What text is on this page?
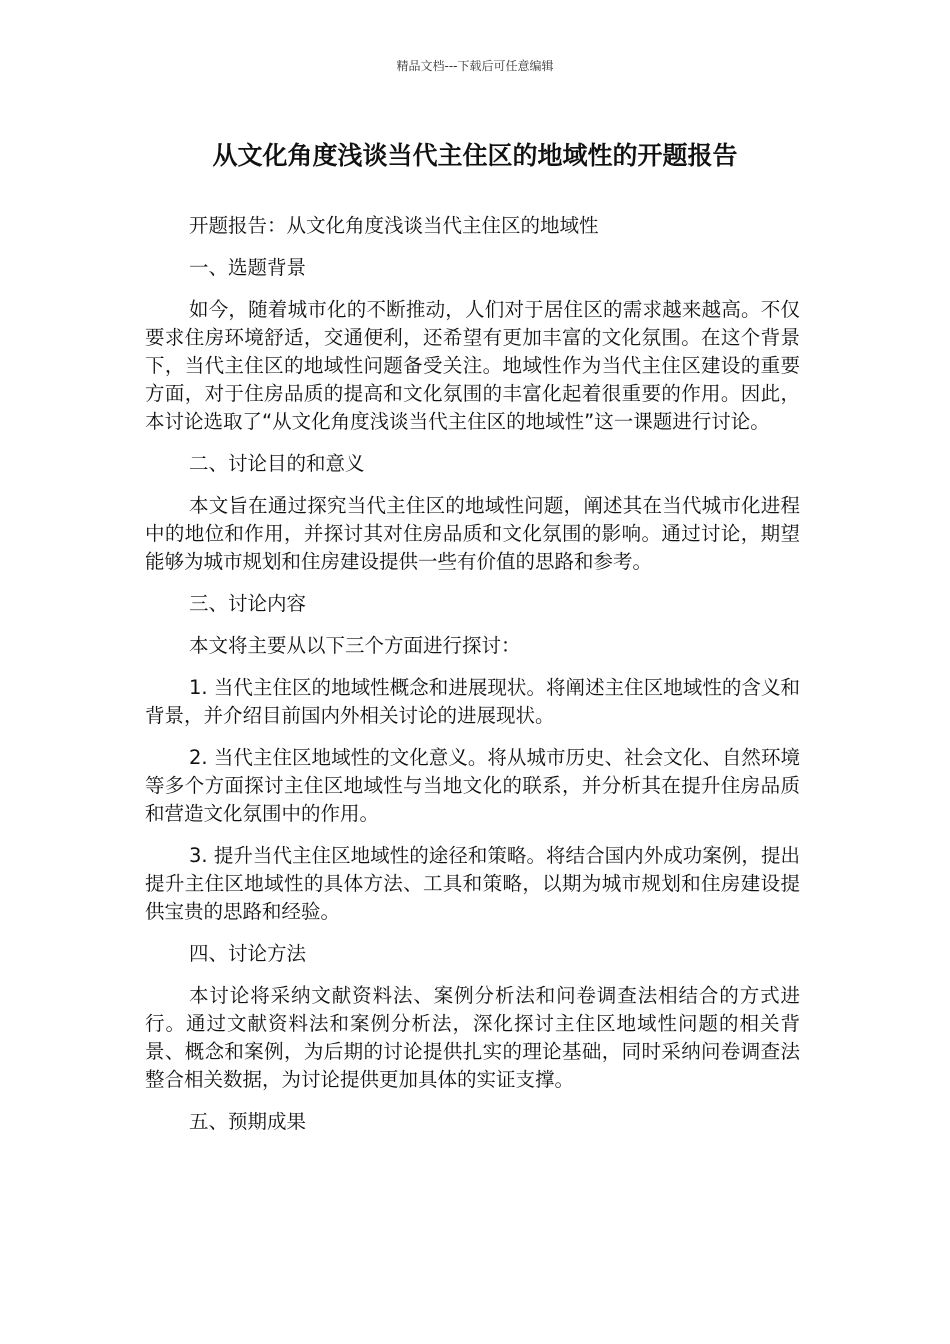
精品文档---下载后可任意编辑
从文化角度浅谈当代主住区的地域性的开题报告

开题报告：从文化角度浅谈当代主住区的地域性

一、选题背景

如今，随着城市化的不断推动，人们对于居住区的需求越来越高。不仅要求住房环境舒适，交通便利，还希望有更加丰富的文化氛围。在这个背景下，当代主住区的地域性问题备受关注。地域性作为当代主住区建设的重要方面，对于住房品质的提高和文化氛围的丰富化起着很重要的作用。因此，本讨论选取了“从文化角度浅谈当代主住区的地域性”这一课题进行讨论。

二、讨论目的和意义

本文旨在通过探究当代主住区的地域性问题，阐述其在当代城市化进程中的地位和作用，并探讨其对住房品质和文化氛围的影响。通过讨论，期望能够为城市规划和住房建设提供一些有价值的思路和参考。

三、讨论内容

本文将主要从以下三个方面进行探讨：

1. 当代主住区的地域性概念和进展现状。将阐述主住区地域性的含义和背景，并介绍目前国内外相关讨论的进展现状。

2. 当代主住区地域性的文化意义。将从城市历史、社会文化、自然环境等多个方面探讨主住区地域性与当地文化的联系，并分析其在提升住房品质和营造文化氛围中的作用。

3. 提升当代主住区地域性的途径和策略。将结合国内外成功案例，提出提升主住区地域性的具体方法、工具和策略，以期为城市规划和住房建设提供宝贵的思路和经验。

四、讨论方法

本讨论将采纳文献资料法、案例分析法和问卷调查法相结合的方式进行。通过文献资料法和案例分析法，深化探讨主住区地域性问题的相关背景、概念和案例，为后期的讨论提供扎实的理论基础，同时采纳问卷调查法整合相关数据，为讨论提供更加具体的实证支撑。

五、预期成果
